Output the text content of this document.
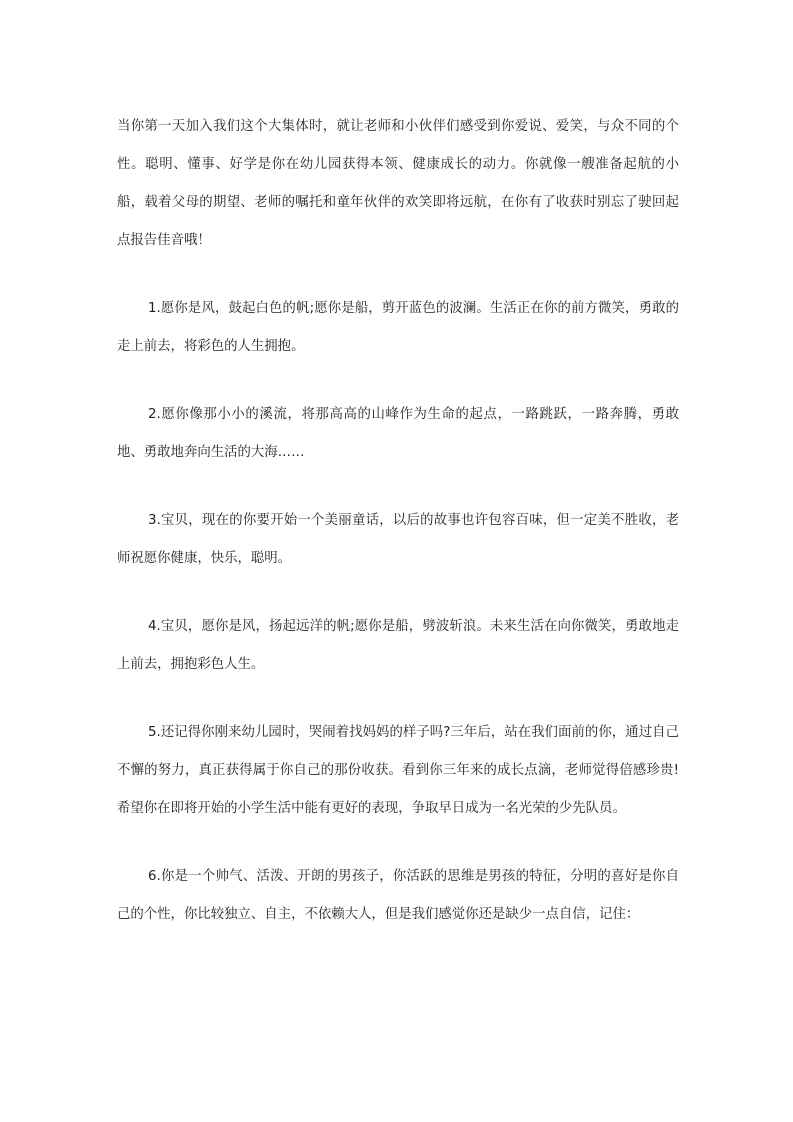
当你第一天加入我们这个大集体时，就让老师和小伙伴们感受到你爱说、爱笑，与众不同的个性。聪明、懂事、好学是你在幼儿园获得本领、健康成长的动力。你就像一艘准备起航的小船，载着父母的期望、老师的嘱托和童年伙伴的欢笑即将远航，在你有了收获时别忘了驶回起点报告佳音哦！

1.愿你是风，鼓起白色的帆;愿你是船，剪开蓝色的波澜。生活正在你的前方微笑，勇敢的走上前去，将彩色的人生拥抱。

2.愿你像那小小的溪流，将那高高的山峰作为生命的起点，一路跳跃，一路奔腾，勇敢地、勇敢地奔向生活的大海……

3.宝贝，现在的你要开始一个美丽童话，以后的故事也许包容百味，但一定美不胜收，老师祝愿你健康，快乐，聪明。

4.宝贝，愿你是风，扬起远洋的帆;愿你是船，劈波斩浪。未来生活在向你微笑，勇敢地走上前去，拥抱彩色人生。

5.还记得你刚来幼儿园时，哭闹着找妈妈的样子吗?三年后，站在我们面前的你，通过自己不懈的努力，真正获得属于你自己的那份收获。看到你三年来的成长点滴，老师觉得倍感珍贵!希望你在即将开始的小学生活中能有更好的表现，争取早日成为一名光荣的少先队员。

6.你是一个帅气、活泼、开朗的男孩子，你活跃的思维是男孩的特征，分明的喜好是你自己的个性，你比较独立、自主，不依赖大人，但是我们感觉你还是缺少一点自信，记住：
